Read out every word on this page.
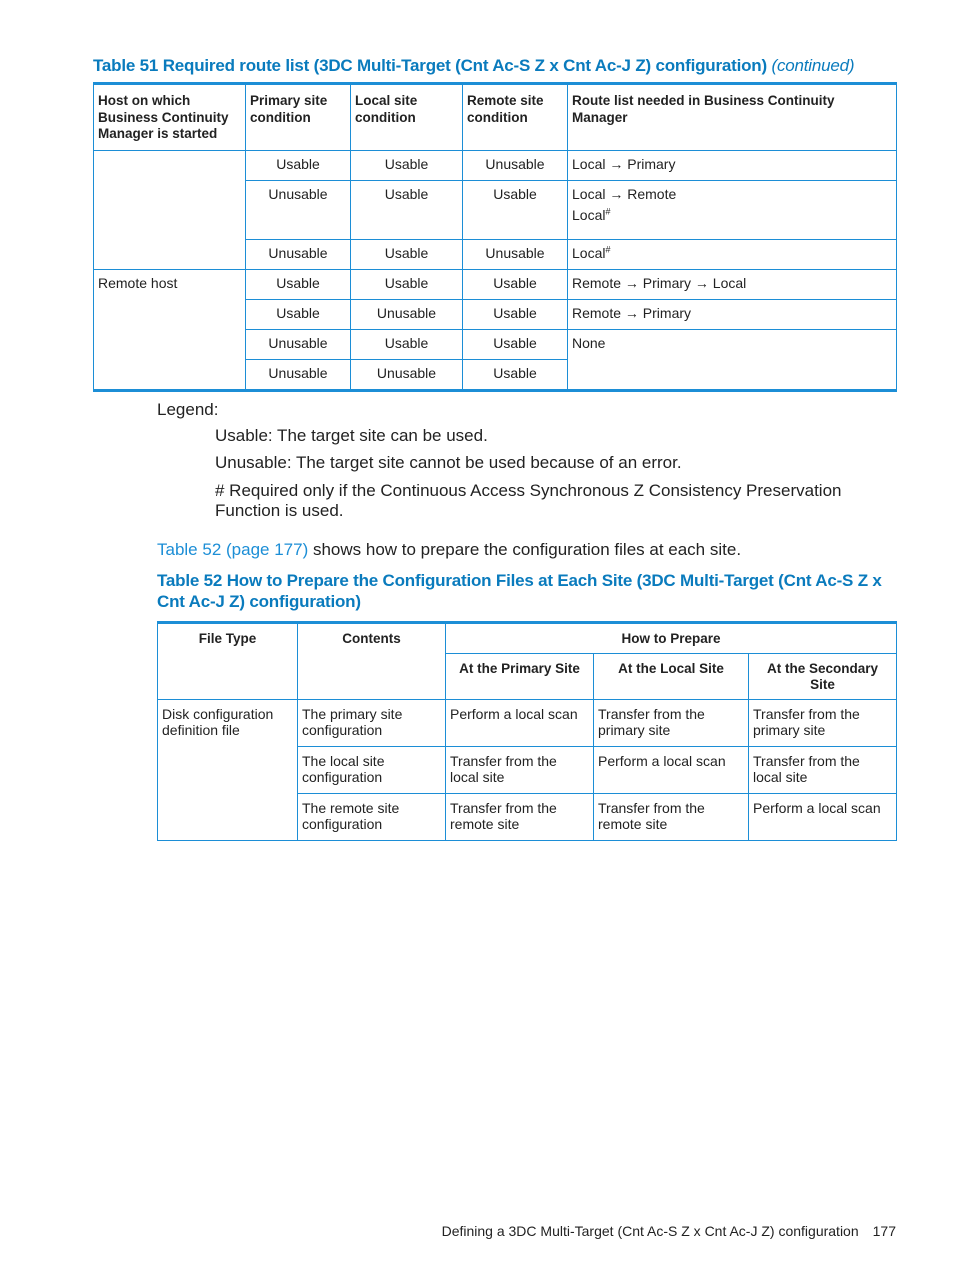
Table 51 Required route list (3DC Multi-Target (Cnt Ac-S Z x Cnt Ac-J Z) configuration) (continued)
Host on which Business Continuity Manager is started	Primary site condition	Local site condition	Remote site condition	Route list needed in Business Continuity Manager
	Usable	Usable	Unusable	Local → Primary
	Unusable	Usable	Usable	Local → Remote
Local#

	Unusable	Usable	Unusable	Local#
Remote host	Usable	Usable	Usable	Remote → Primary → Local
	Usable	Unusable	Usable	Remote → Primary
	Unusable	Usable	Usable	None
	Unusable	Unusable	Usable	
Legend:
Usable: The target site can be used.
Unusable: The target site cannot be used because of an error.
# Required only if the Continuous Access Synchronous Z Consistency Preservation Function is used.
Table 52 (page 177) shows how to prepare the configuration files at each site.
Table 52 How to Prepare the Configuration Files at Each Site (3DC Multi-Target (Cnt Ac-S Z x Cnt Ac-J Z) configuration)
File Type	Contents	How to Prepare		
		At the Primary Site	At the Local Site	At the Secondary Site
Disk configuration definition file	The primary site configuration	Perform a local scan	Transfer from the primary site	Transfer from the primary site
	The local site configuration	Transfer from the local site	Perform a local scan	Transfer from the local site
	The remote site configuration	Transfer from the remote site	Transfer from the remote site	Perform a local scan
Defining a 3DC Multi-Target (Cnt Ac-S Z x Cnt Ac-J Z) configuration 177
